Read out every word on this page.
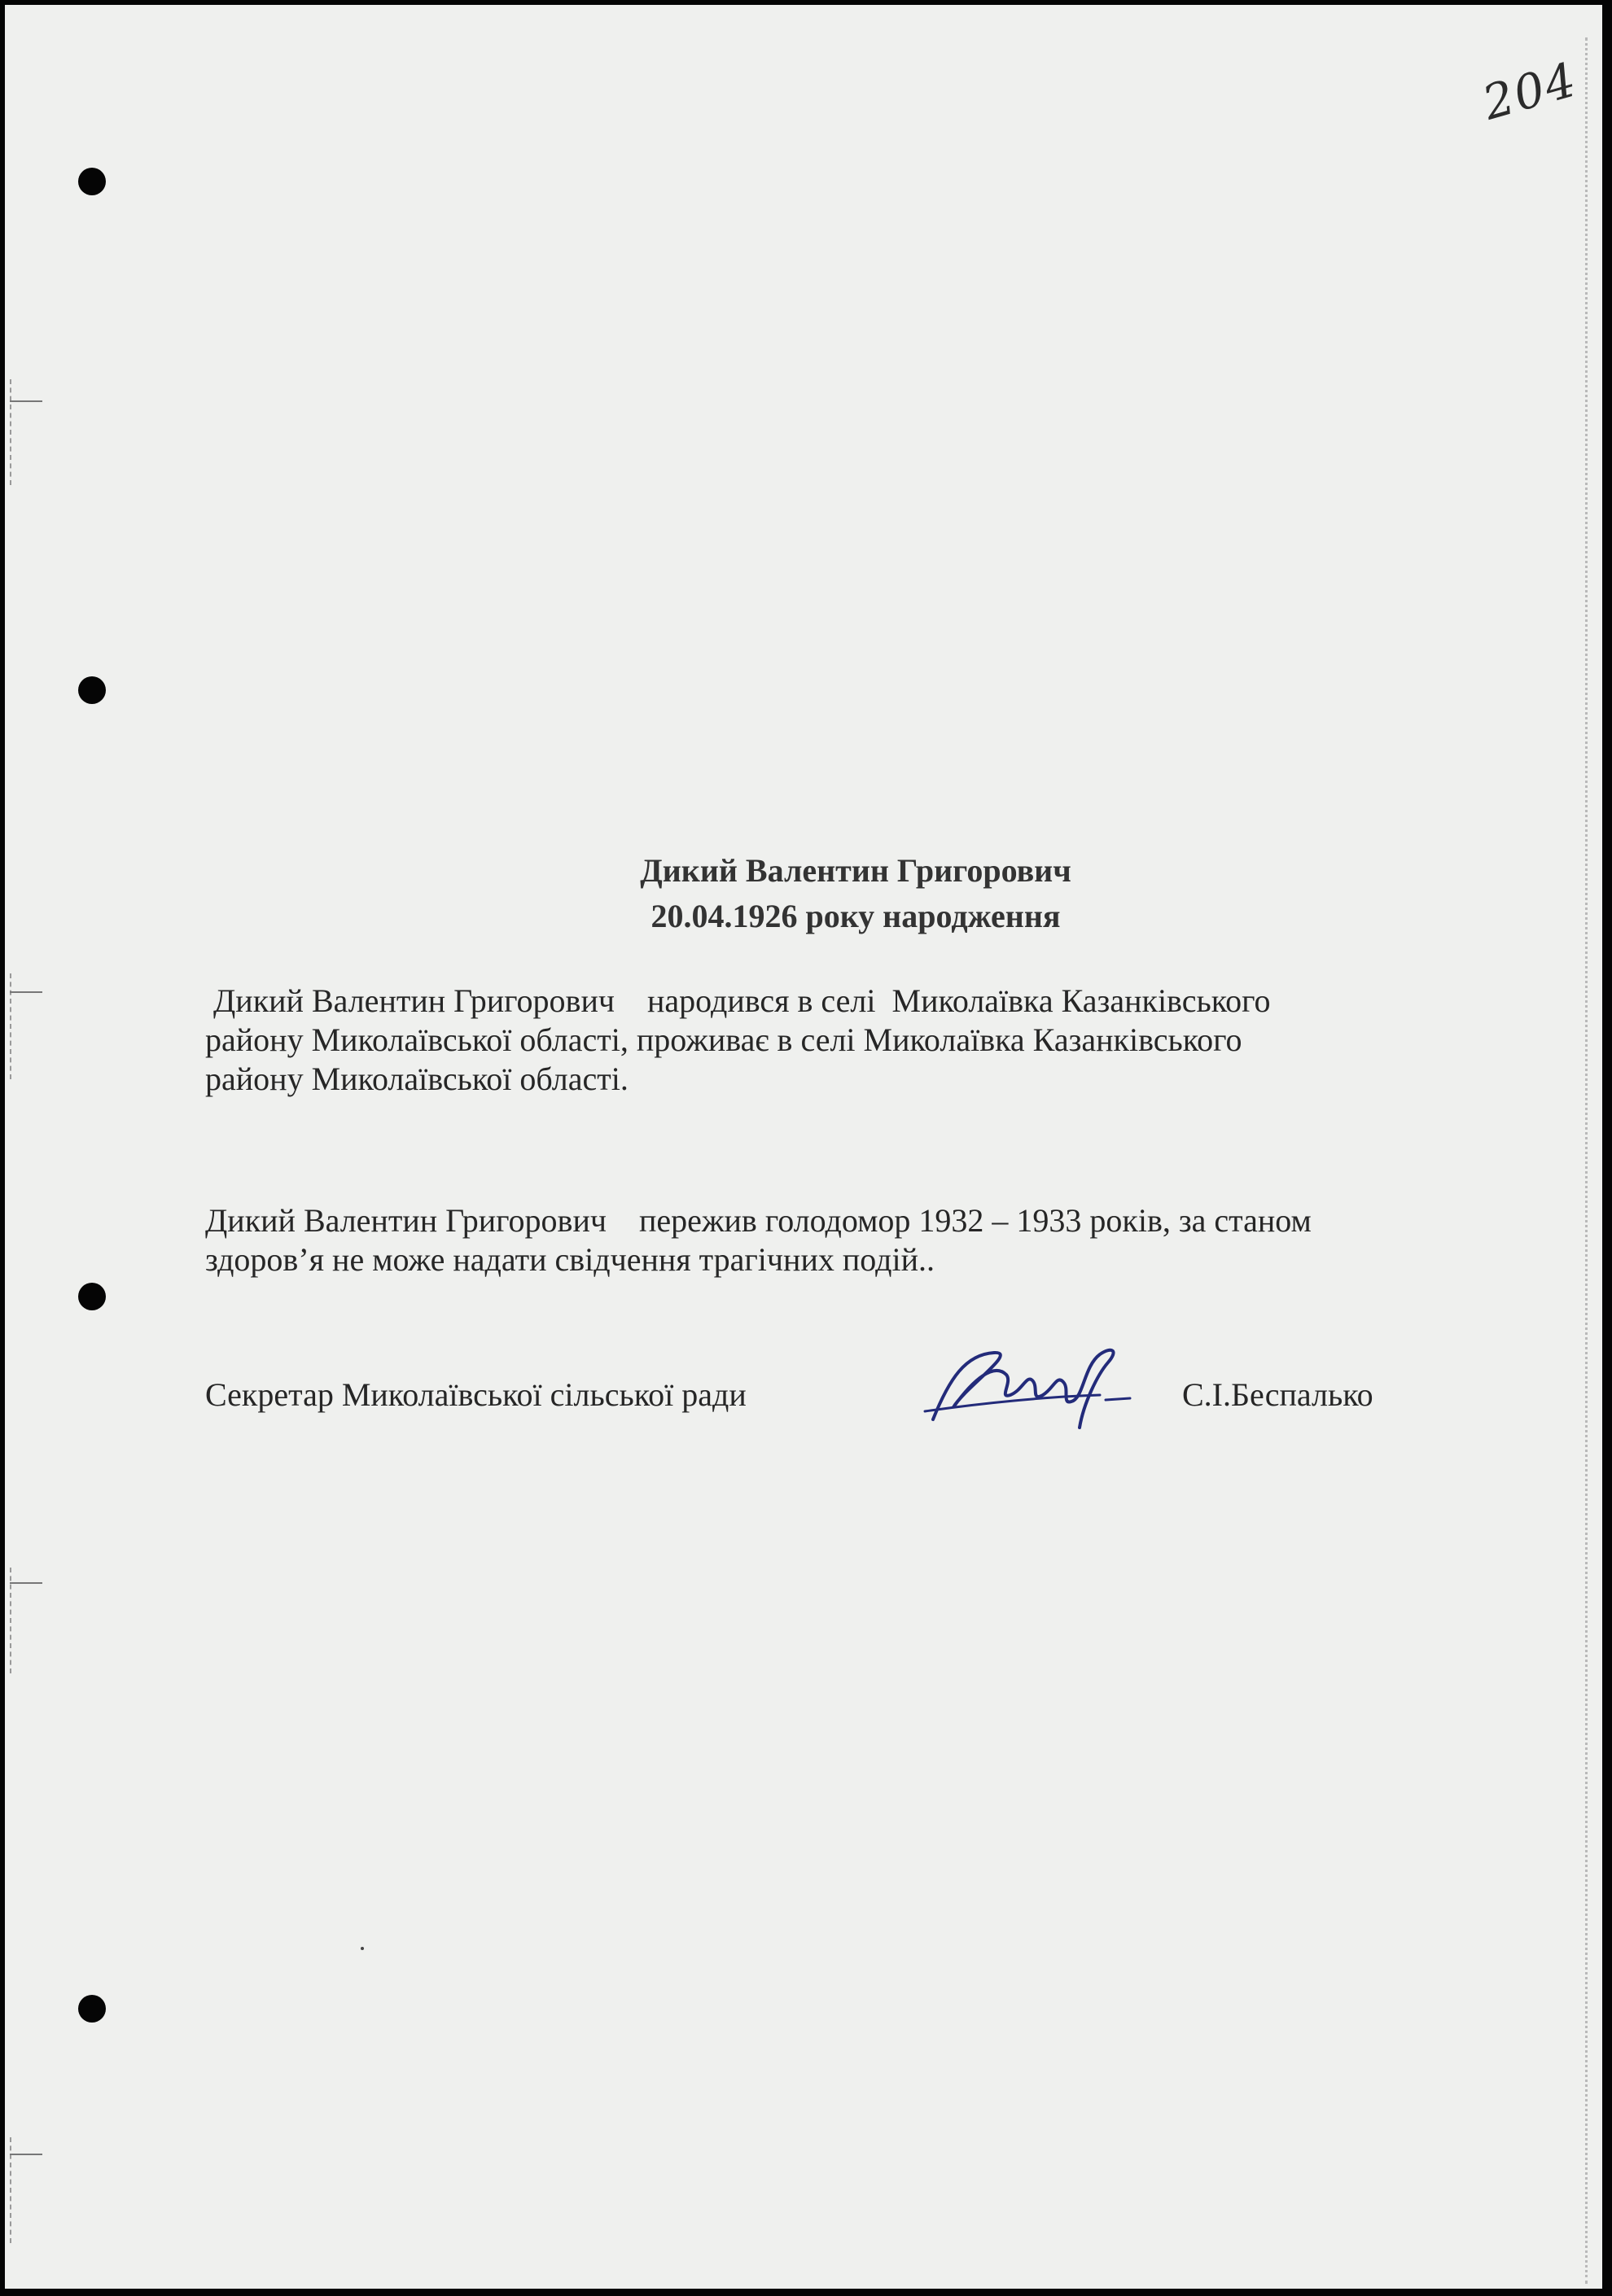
204
Дикий Валентин Григорович
20.04.1926 року народження
Дикий Валентин Григорович    народився в селі  Миколаївка Казанківського
району Миколаївської області, проживає в селі Миколаївка Казанківського
району Миколаївської області.
Дикий Валентин Григорович    пережив голодомор 1932 – 1933 років, за станом
здоров’я не може надати свідчення трагічних подій..
Секретар Миколаївської сільської ради	С.І.Беспалько
